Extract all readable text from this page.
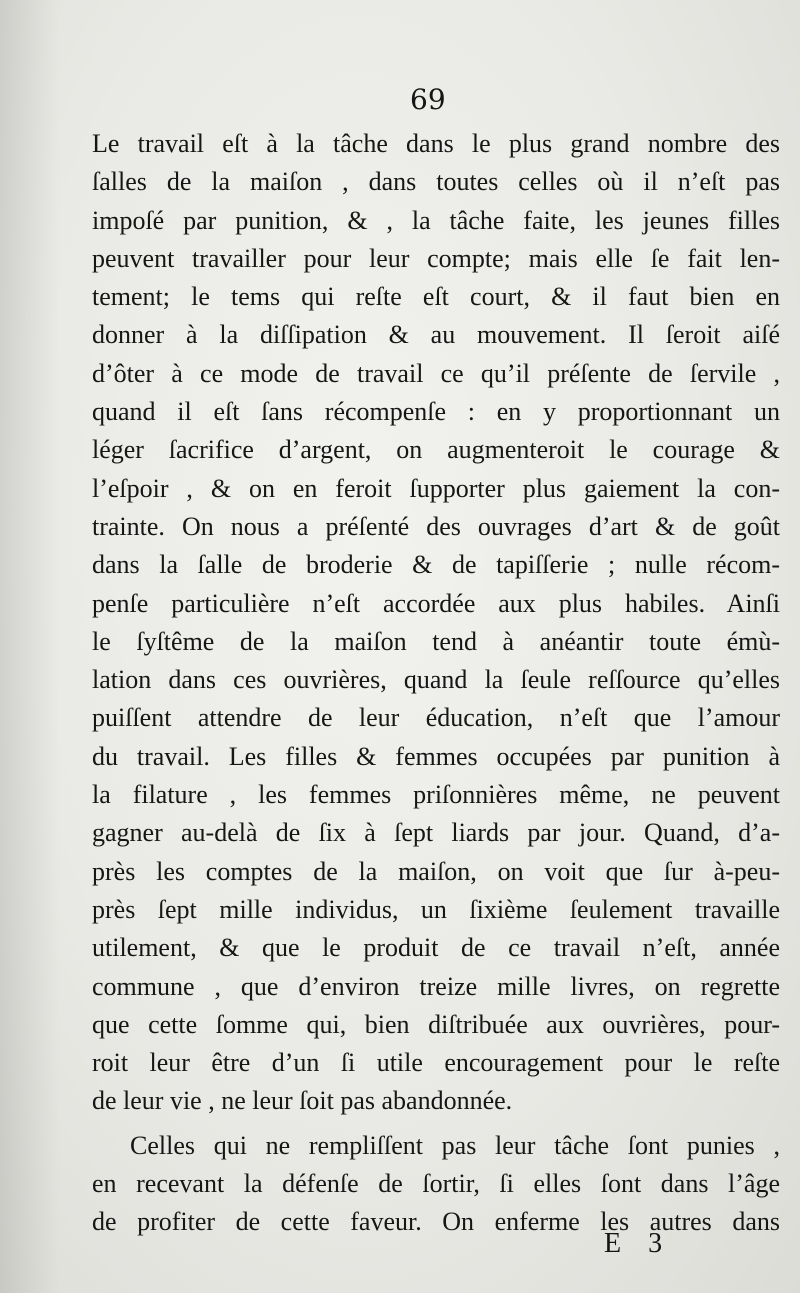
69
Le travail eſt à la tâche dans le plus grand nombre des
ſalles de la maiſon , dans toutes celles où il n’eſt pas
impoſé par punition, & , la tâche faite, les jeunes filles
peuvent travailler pour leur compte; mais elle ſe fait len-
tement; le tems qui reſte eſt court, & il faut bien en
donner à la diſſipation & au mouvement. Il ſeroit aiſé
d’ôter à ce mode de travail ce qu’il préſente de ſervile ,
quand il eſt ſans récompenſe : en y proportionnant un
léger ſacrifice d’argent, on augmenteroit le courage &
l’eſpoir , & on en feroit ſupporter plus gaiement la con-
trainte. On nous a préſenté des ouvrages d’art & de goût
dans la ſalle de broderie & de tapiſſerie ; nulle récom-
penſe particulière n’eſt accordée aux plus habiles. Ainſi
le ſyſtême de la maiſon tend à anéantir toute émù-
lation dans ces ouvrières, quand la ſeule reſſource qu’elles
puiſſent attendre de leur éducation, n’eſt que l’amour
du travail. Les filles & femmes occupées par punition à
la filature , les femmes priſonnières même, ne peuvent
gagner au-delà de ſix à ſept liards par jour. Quand, d’a-
près les comptes de la maiſon, on voit que ſur à-peu-
près ſept mille individus, un ſixième ſeulement travaille
utilement, & que le produit de ce travail n’eſt, année
commune , que d’environ treize mille livres, on regrette
que cette ſomme qui, bien diſtribuée aux ouvrières, pour-
roit leur être d’un ſi utile encouragement pour le reſte
de leur vie , ne leur ſoit pas abandonnée.
Celles qui ne rempliſſent pas leur tâche ſont punies ,
en recevant la défenſe de ſortir, ſi elles ſont dans l’âge
de profiter de cette faveur. On enferme les autres dans
E 3
